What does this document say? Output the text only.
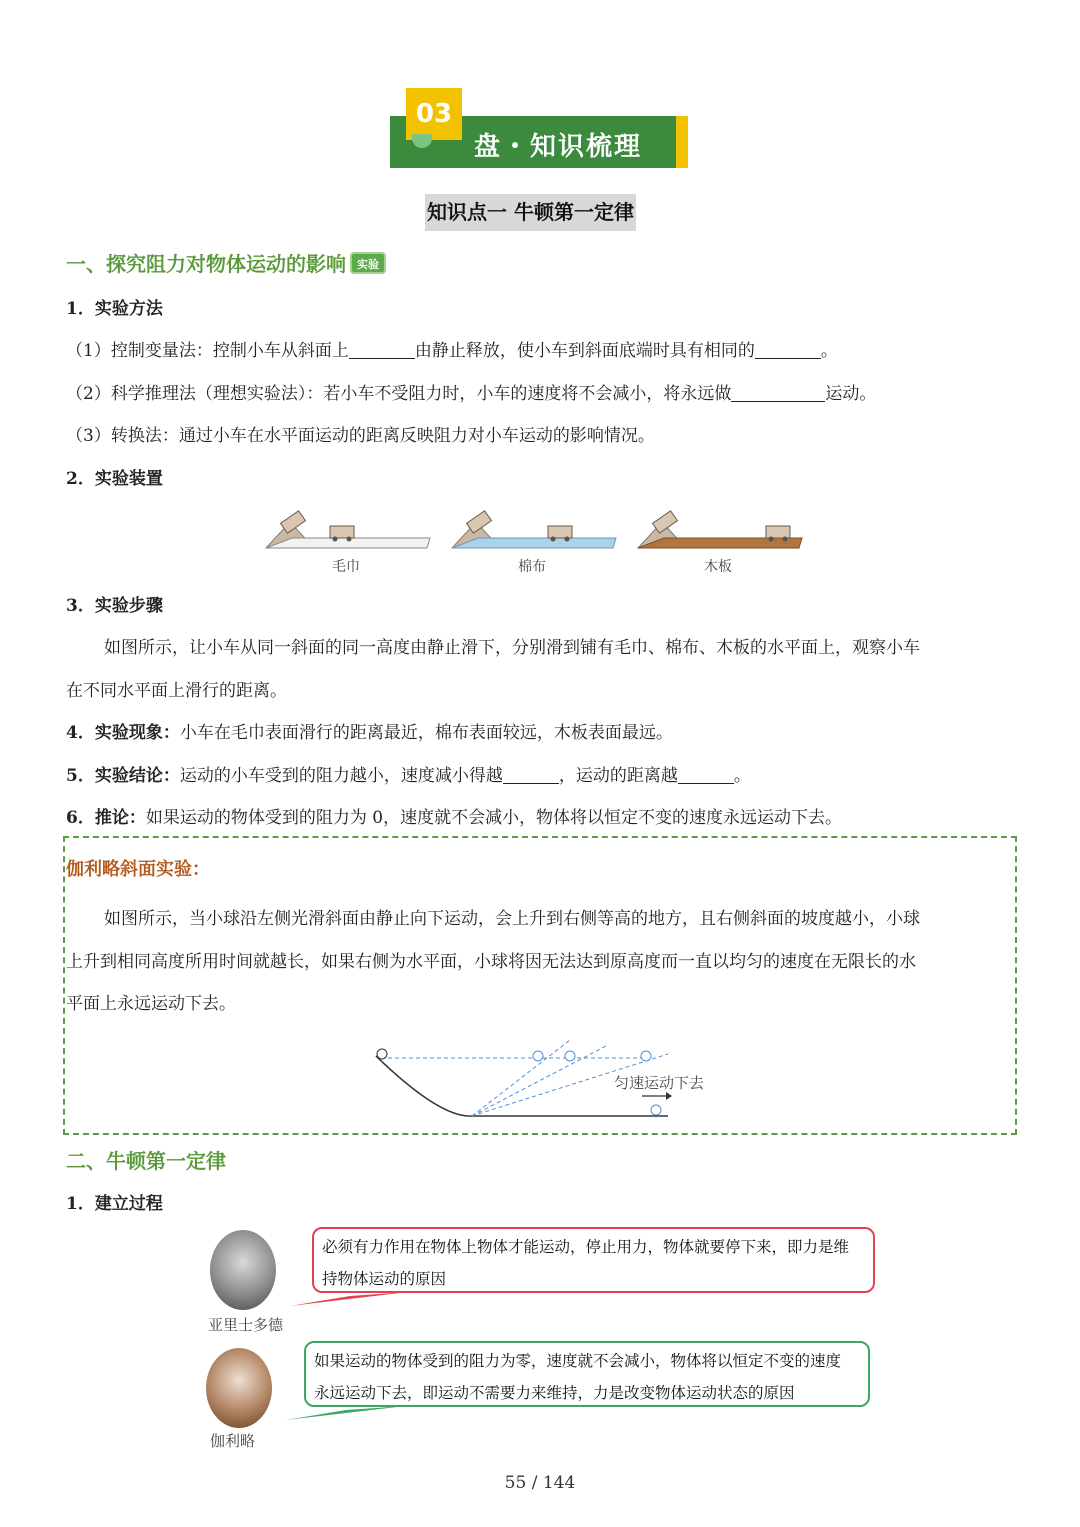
03
盘・知识梳理
知识点一 牛顿第一定律
一、探究阻力对物体运动的影响 实验
1．实验方法
（1）控制变量法：控制小车从斜面上	由静止释放，使小车到斜面底端时具有相同的	。
（2）科学推理法（理想实验法）：若小车不受阻力时，小车的速度将不会减小，将永远做	运动。
（3）转换法：通过小车在水平面运动的距离反映阻力对小车运动的影响情况。
2．实验装置
毛巾	棉布	木板
3．实验步骤
如图所示，让小车从同一斜面的同一高度由静止滑下，分别滑到铺有毛巾、棉布、木板的水平面上，观察小车
在不同水平面上滑行的距离。
4．实验现象：小车在毛巾表面滑行的距离最近，棉布表面较远，木板表面最远。
5．实验结论：运动的小车受到的阻力越小，速度减小得越	，运动的距离越	。
6．推论：如果运动的物体受到的阻力为 0，速度就不会减小，物体将以恒定不变的速度永远运动下去。
伽利略斜面实验：
如图所示，当小球沿左侧光滑斜面由静止向下运动，会上升到右侧等高的地方，且右侧斜面的坡度越小，小球
上升到相同高度所用时间就越长，如果右侧为水平面，小球将因无法达到原高度而一直以均匀的速度在无限长的水
平面上永远运动下去。
匀速运动下去
二、牛顿第一定律
1．建立过程
亚里士多德
必须有力作用在物体上物体才能运动，停止用力，物体就要停下来，即力是维
持物体运动的原因
伽利略
如果运动的物体受到的阻力为零，速度就不会减小，物体将以恒定不变的速度
永远运动下去，即运动不需要力来维持，力是改变物体运动状态的原因
55 / 144
